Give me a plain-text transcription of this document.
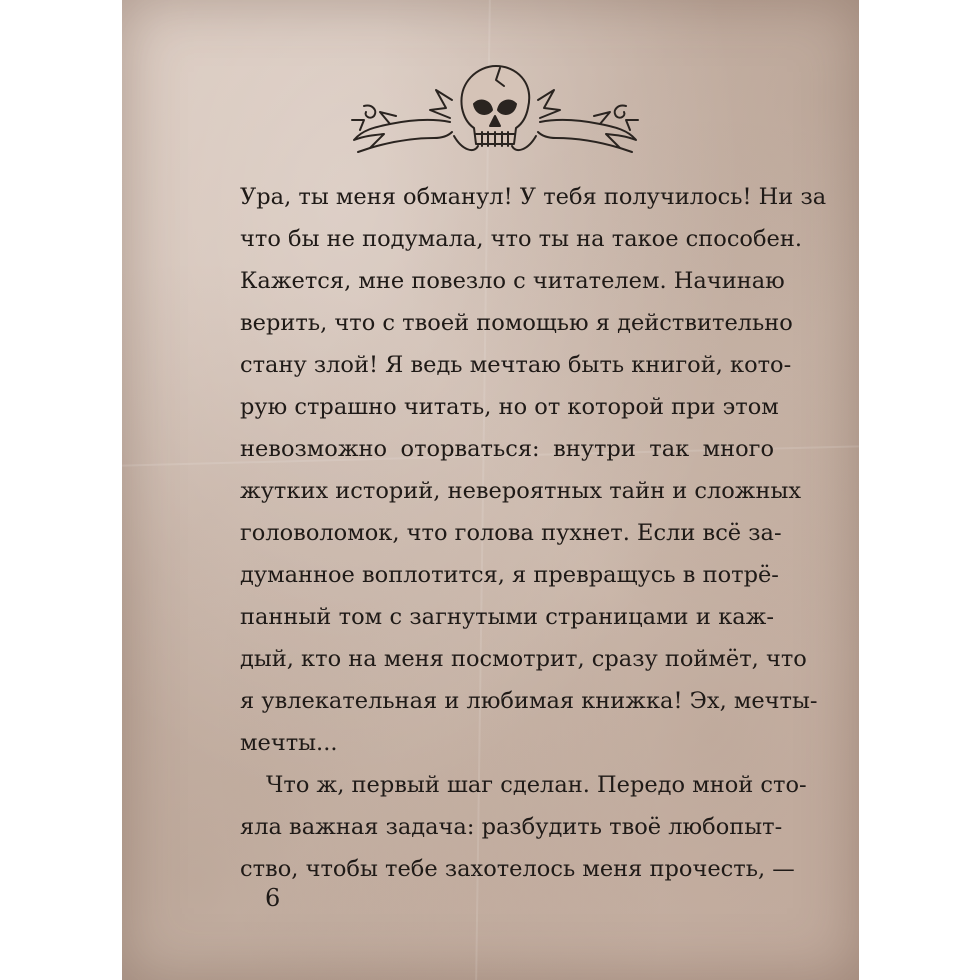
Ура, ты меня обманул! У тебя получилось! Ни за
что бы не подумала, что ты на такое способен.
Кажется, мне повезло с читателем. Начинаю
верить, что с твоей помощью я действительно
стану злой! Я ведь мечтаю быть книгой, кото-
рую страшно читать, но от которой при этом
невозможно оторваться: внутри так много
жутких историй, невероятных тайн и сложных
головоломок, что голова пухнет. Если всё за-
думанное воплотится, я превращусь в потрё-
панный том с загнутыми страницами и каж-
дый, кто на меня посмотрит, сразу поймёт, что
я увлекательная и любимая книжка! Эх, мечты-
мечты...
Что ж, первый шаг сделан. Передо мной сто-
яла важная задача: разбудить твоё любопыт-
ство, чтобы тебе захотелось меня прочесть, —
6
